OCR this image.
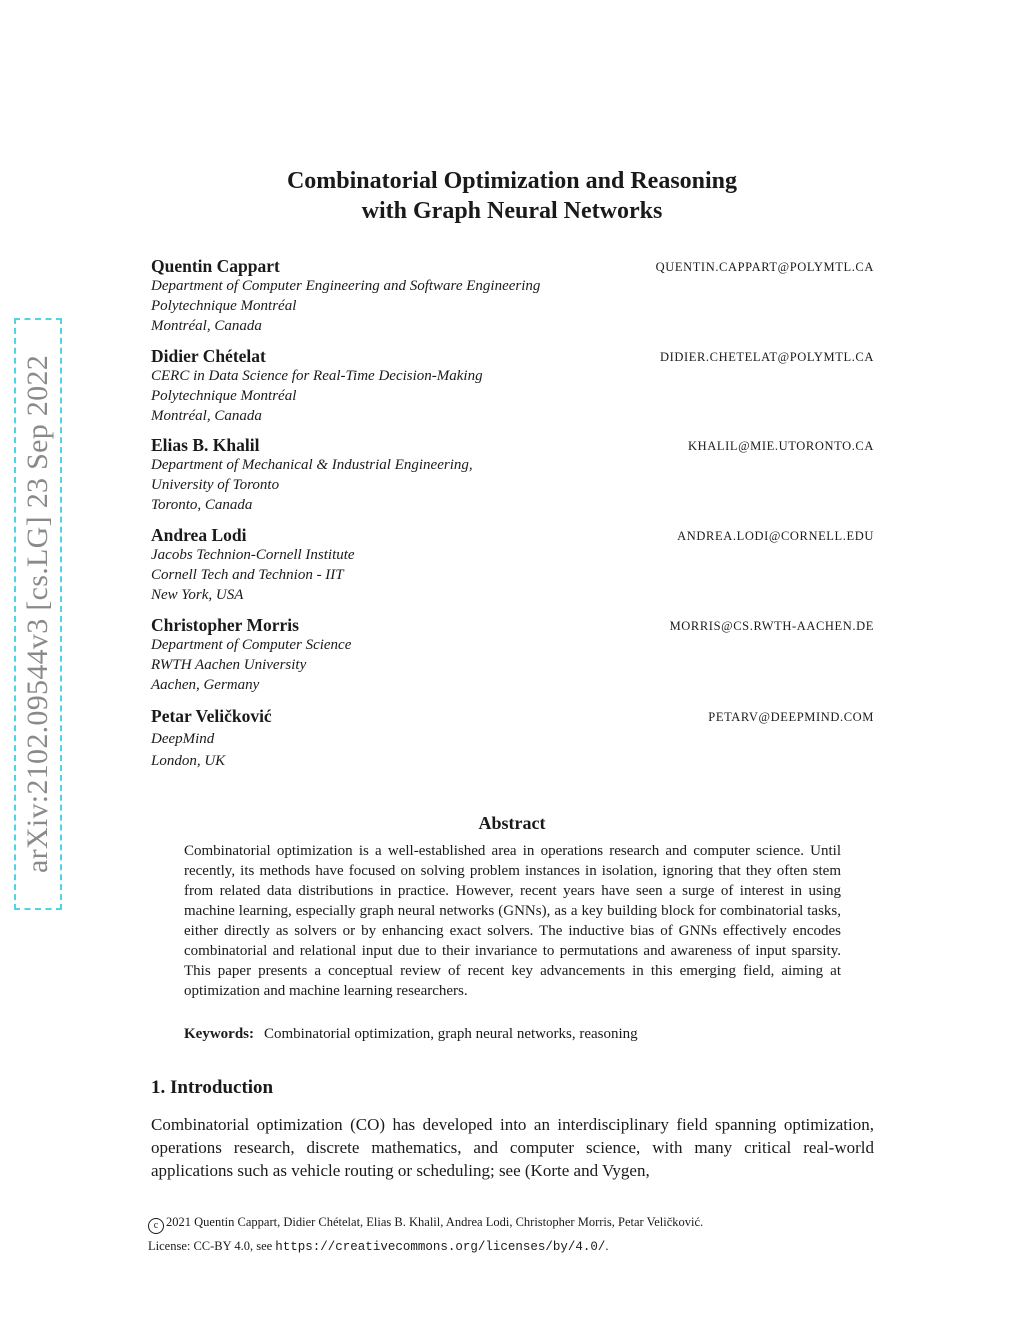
arXiv:2102.09544v3 [cs.LG] 23 Sep 2022
Combinatorial Optimization and Reasoning
with Graph Neural Networks
Quentin Cappart	QUENTIN.CAPPART@POLYMTL.CA
Department of Computer Engineering and Software Engineering
Polytechnique Montréal
Montréal, Canada
Didier Chételat	DIDIER.CHETELAT@POLYMTL.CA
CERC in Data Science for Real-Time Decision-Making
Polytechnique Montréal
Montréal, Canada
Elias B. Khalil	KHALIL@MIE.UTORONTO.CA
Department of Mechanical & Industrial Engineering,
University of Toronto
Toronto, Canada
Andrea Lodi	ANDREA.LODI@CORNELL.EDU
Jacobs Technion-Cornell Institute
Cornell Tech and Technion - IIT
New York, USA
Christopher Morris	MORRIS@CS.RWTH-AACHEN.DE
Department of Computer Science
RWTH Aachen University
Aachen, Germany
Petar Veličković	PETARV@DEEPMIND.COM
DeepMind
London, UK
Abstract
Combinatorial optimization is a well-established area in operations research and computer science. Until recently, its methods have focused on solving problem instances in isolation, ignoring that they often stem from related data distributions in practice. However, recent years have seen a surge of interest in using machine learning, especially graph neural networks (GNNs), as a key building block for combinatorial tasks, either directly as solvers or by enhancing exact solvers. The inductive bias of GNNs effectively encodes combinatorial and relational input due to their invariance to permutations and awareness of input sparsity. This paper presents a conceptual review of recent key advancements in this emerging field, aiming at optimization and machine learning researchers.
Keywords: Combinatorial optimization, graph neural networks, reasoning
1. Introduction
Combinatorial optimization (CO) has developed into an interdisciplinary field spanning optimization, operations research, discrete mathematics, and computer science, with many critical real-world applications such as vehicle routing or scheduling; see (Korte and Vygen,
c 2021 Quentin Cappart, Didier Chételat, Elias B. Khalil, Andrea Lodi, Christopher Morris, Petar Veličković.
License: CC-BY 4.0, see https://creativecommons.org/licenses/by/4.0/.
